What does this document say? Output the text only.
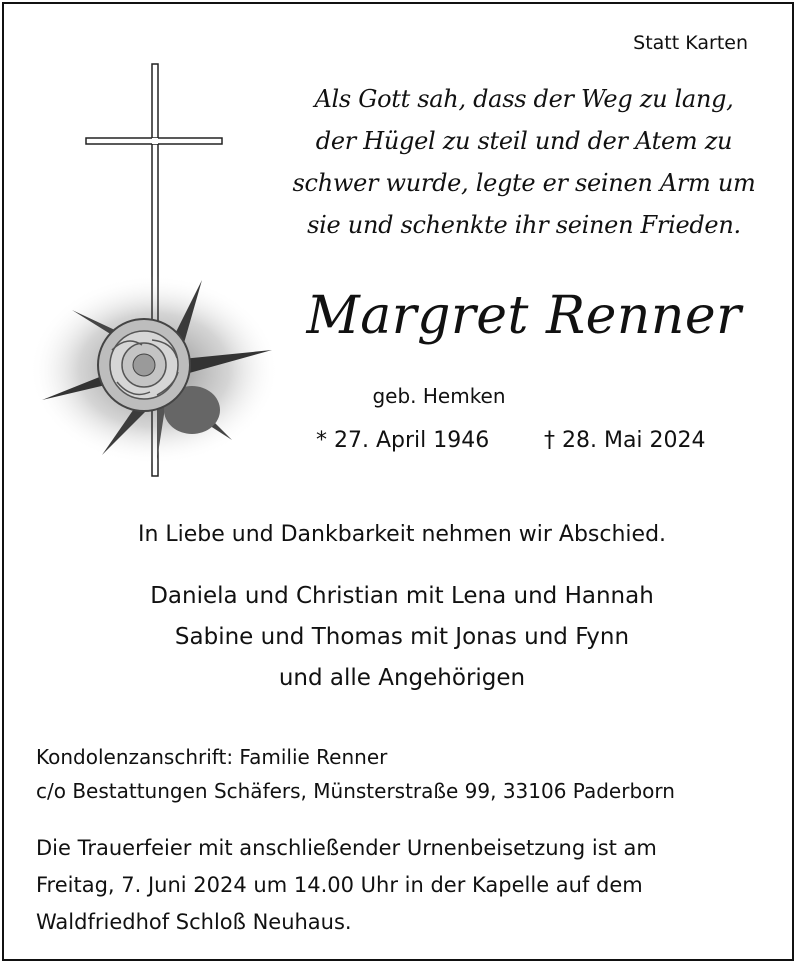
Statt Karten
Als Gott sah, dass der Weg zu lang,
der Hügel zu steil und der Atem zu
schwer wurde, legte er seinen Arm um
sie und schenkte ihr seinen Frieden.
Margret Renner
geb. Hemken
* 27. April 1946 † 28. Mai 2024
In Liebe und Dankbarkeit nehmen wir Abschied.
Daniela und Christian mit Lena und Hannah
Sabine und Thomas mit Jonas und Fynn
und alle Angehörigen
Kondolenzanschrift: Familie Renner
c/o Bestattungen Schäfers, Münsterstraße 99, 33106 Paderborn
Die Trauerfeier mit anschließender Urnenbeisetzung ist am
Freitag, 7. Juni 2024 um 14.00 Uhr in der Kapelle auf dem
Waldfriedhof Schloß Neuhaus.
